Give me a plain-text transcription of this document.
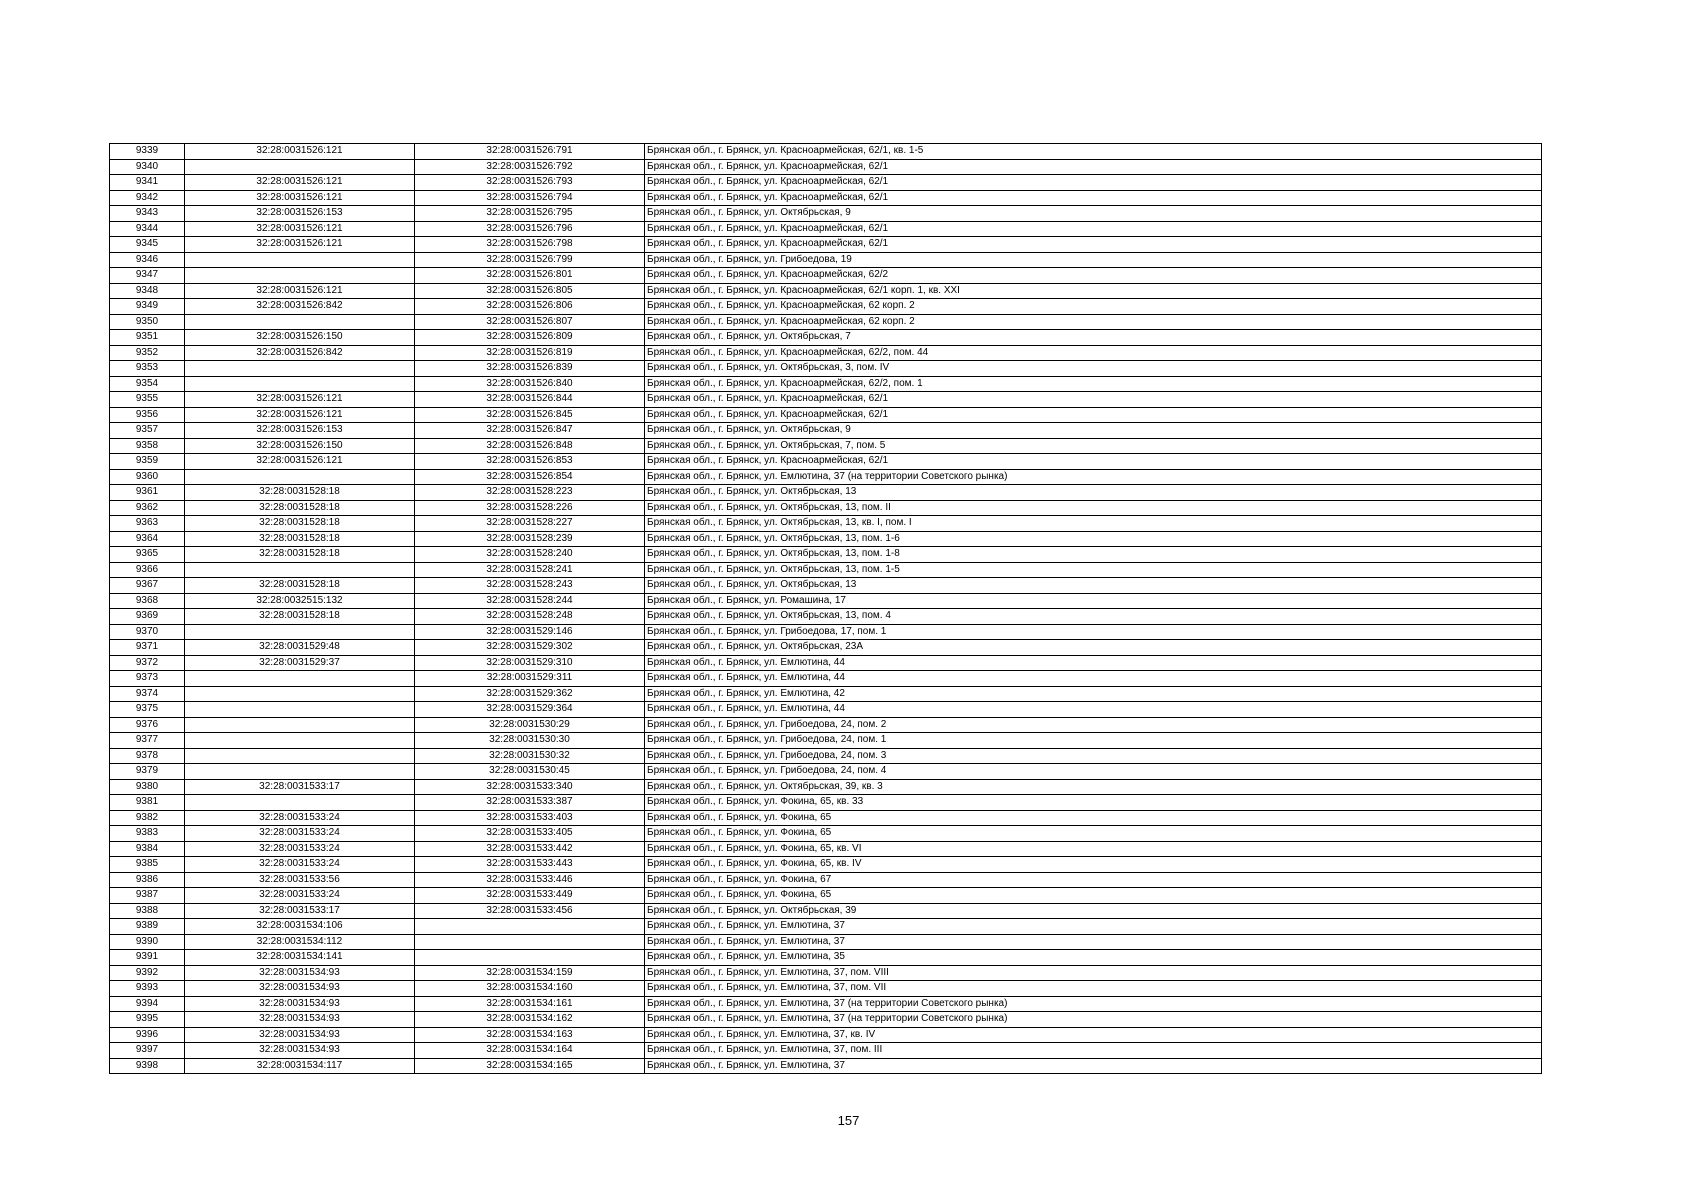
9339	32:28:0031526:121	32:28:0031526:791	Брянская обл., г. Брянск, ул. Красноармейская, 62/1, кв. 1-5
9340		32:28:0031526:792	Брянская обл., г. Брянск, ул. Красноармейская, 62/1
9341	32:28:0031526:121	32:28:0031526:793	Брянская обл., г. Брянск, ул. Красноармейская, 62/1
9342	32:28:0031526:121	32:28:0031526:794	Брянская обл., г. Брянск, ул. Красноармейская, 62/1
9343	32:28:0031526:153	32:28:0031526:795	Брянская обл., г. Брянск, ул. Октябрьская, 9
9344	32:28:0031526:121	32:28:0031526:796	Брянская обл., г. Брянск, ул. Красноармейская, 62/1
9345	32:28:0031526:121	32:28:0031526:798	Брянская обл., г. Брянск, ул. Красноармейская, 62/1
9346		32:28:0031526:799	Брянская обл., г. Брянск, ул. Грибоедова, 19
9347		32:28:0031526:801	Брянская обл., г. Брянск, ул. Красноармейская, 62/2
9348	32:28:0031526:121	32:28:0031526:805	Брянская обл., г. Брянск, ул. Красноармейская, 62/1 корп. 1, кв. XXI
9349	32:28:0031526:842	32:28:0031526:806	Брянская обл., г. Брянск, ул. Красноармейская, 62 корп. 2
9350		32:28:0031526:807	Брянская обл., г. Брянск, ул. Красноармейская, 62 корп. 2
9351	32:28:0031526:150	32:28:0031526:809	Брянская обл., г. Брянск, ул. Октябрьская, 7
9352	32:28:0031526:842	32:28:0031526:819	Брянская обл., г. Брянск, ул. Красноармейская, 62/2, пом. 44
9353		32:28:0031526:839	Брянская обл., г. Брянск, ул. Октябрьская, 3, пом. IV
9354		32:28:0031526:840	Брянская обл., г. Брянск, ул. Красноармейская, 62/2, пом. 1
9355	32:28:0031526:121	32:28:0031526:844	Брянская обл., г. Брянск, ул. Красноармейская, 62/1
9356	32:28:0031526:121	32:28:0031526:845	Брянская обл., г. Брянск, ул. Красноармейская, 62/1
9357	32:28:0031526:153	32:28:0031526:847	Брянская обл., г. Брянск, ул. Октябрьская, 9
9358	32:28:0031526:150	32:28:0031526:848	Брянская обл., г. Брянск, ул. Октябрьская, 7, пом. 5
9359	32:28:0031526:121	32:28:0031526:853	Брянская обл., г. Брянск, ул. Красноармейская, 62/1
9360		32:28:0031526:854	Брянская обл., г. Брянск, ул. Емлютина, 37 (на территории Советского рынка)
9361	32:28:0031528:18	32:28:0031528:223	Брянская обл., г. Брянск, ул. Октябрьская, 13
9362	32:28:0031528:18	32:28:0031528:226	Брянская обл., г. Брянск, ул. Октябрьская, 13, пом. II
9363	32:28:0031528:18	32:28:0031528:227	Брянская обл., г. Брянск, ул. Октябрьская, 13, кв. I, пом. I
9364	32:28:0031528:18	32:28:0031528:239	Брянская обл., г. Брянск, ул. Октябрьская, 13, пом. 1-6
9365	32:28:0031528:18	32:28:0031528:240	Брянская обл., г. Брянск, ул. Октябрьская, 13, пом. 1-8
9366		32:28:0031528:241	Брянская обл., г. Брянск, ул. Октябрьская, 13, пом. 1-5
9367	32:28:0031528:18	32:28:0031528:243	Брянская обл., г. Брянск, ул. Октябрьская, 13
9368	32:28:0032515:132	32:28:0031528:244	Брянская обл., г. Брянск, ул. Ромашина, 17
9369	32:28:0031528:18	32:28:0031528:248	Брянская обл., г. Брянск, ул. Октябрьская, 13, пом. 4
9370		32:28:0031529:146	Брянская обл., г. Брянск, ул. Грибоедова, 17, пом. 1
9371	32:28:0031529:48	32:28:0031529:302	Брянская обл., г. Брянск, ул. Октябрьская, 23А
9372	32:28:0031529:37	32:28:0031529:310	Брянская обл., г. Брянск, ул. Емлютина, 44
9373		32:28:0031529:311	Брянская обл., г. Брянск, ул. Емлютина, 44
9374		32:28:0031529:362	Брянская обл., г. Брянск, ул. Емлютина, 42
9375		32:28:0031529:364	Брянская обл., г. Брянск, ул. Емлютина, 44
9376		32:28:0031530:29	Брянская обл., г. Брянск, ул. Грибоедова, 24, пом. 2
9377		32:28:0031530:30	Брянская обл., г. Брянск, ул. Грибоедова, 24, пом. 1
9378		32:28:0031530:32	Брянская обл., г. Брянск, ул. Грибоедова, 24, пом. 3
9379		32:28:0031530:45	Брянская обл., г. Брянск, ул. Грибоедова, 24, пом. 4
9380	32:28:0031533:17	32:28:0031533:340	Брянская обл., г. Брянск, ул. Октябрьская, 39, кв. 3
9381		32:28:0031533:387	Брянская обл., г. Брянск, ул. Фокина, 65, кв. 33
9382	32:28:0031533:24	32:28:0031533:403	Брянская обл., г. Брянск, ул. Фокина, 65
9383	32:28:0031533:24	32:28:0031533:405	Брянская обл., г. Брянск, ул. Фокина, 65
9384	32:28:0031533:24	32:28:0031533:442	Брянская обл., г. Брянск, ул. Фокина, 65, кв. VI
9385	32:28:0031533:24	32:28:0031533:443	Брянская обл., г. Брянск, ул. Фокина, 65, кв. IV
9386	32:28:0031533:56	32:28:0031533:446	Брянская обл., г. Брянск, ул. Фокина, 67
9387	32:28:0031533:24	32:28:0031533:449	Брянская обл., г. Брянск, ул. Фокина, 65
9388	32:28:0031533:17	32:28:0031533:456	Брянская обл., г. Брянск, ул. Октябрьская, 39
9389	32:28:0031534:106		Брянская обл., г. Брянск, ул. Емлютина, 37
9390	32:28:0031534:112		Брянская обл., г. Брянск, ул. Емлютина, 37
9391	32:28:0031534:141		Брянская обл., г. Брянск, ул. Емлютина, 35
9392	32:28:0031534:93	32:28:0031534:159	Брянская обл., г. Брянск, ул. Емлютина, 37, пом. VIII
9393	32:28:0031534:93	32:28:0031534:160	Брянская обл., г. Брянск, ул. Емлютина, 37, пом. VII
9394	32:28:0031534:93	32:28:0031534:161	Брянская обл., г. Брянск, ул. Емлютина, 37 (на территории Советского рынка)
9395	32:28:0031534:93	32:28:0031534:162	Брянская обл., г. Брянск, ул. Емлютина, 37 (на территории Советского рынка)
9396	32:28:0031534:93	32:28:0031534:163	Брянская обл., г. Брянск, ул. Емлютина, 37, кв. IV
9397	32:28:0031534:93	32:28:0031534:164	Брянская обл., г. Брянск, ул. Емлютина, 37, пом. III
9398	32:28:0031534:117	32:28:0031534:165	Брянская обл., г. Брянск, ул. Емлютина, 37
157
